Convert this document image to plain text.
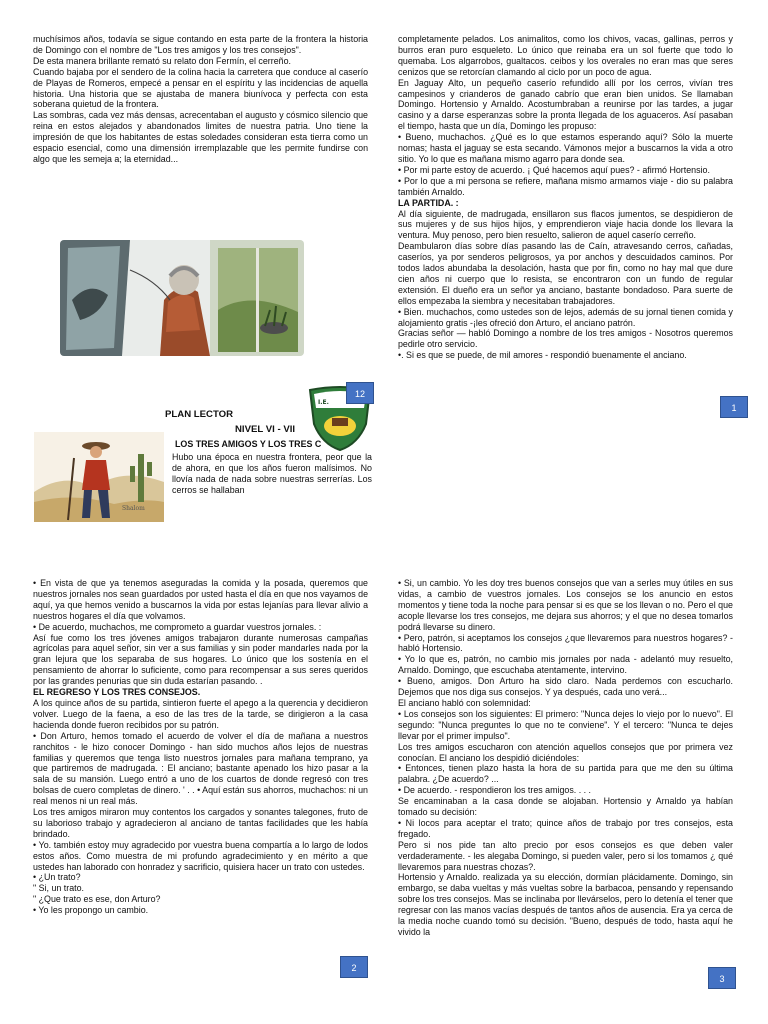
muchísimos años, todavía se sigue contando en esta parte de la frontera la historia de Domingo con el nombre de "Los tres amigos y los tres consejos".

De esta manera brillante remató su relato don Fermín, el cerreño.

Cuando bajaba por el sendero de la colina hacia la carretera que conduce al caserío de Playas de Romeros, empecé a pensar en el espíritu y las incidencias de aquella historia. Una historia que se ajustaba de manera biunívoca y perfecta con esta soberana quietud de la frontera.

Las sombras, cada vez más densas, acrecentaban el augusto y cósmico silencio que reina en estos alejados y abandonados limites de nuestra patria. Uno tiene la impresión de que los habitantes de estas soledades consideran esta tierra como un espacio esencial, como una dimensión irremplazable que les permite fundirse con algo que les semeja a; la eternidad...

Shalom
PLAN LECTOR
NIVEL VI - VII
LOS TRES AMIGOS Y LOS TRES C
Hubo una época en nuestra frontera, peor que la de ahora, en que los años fueron malísimos. No llovía nada de nada sobre nuestras serrerías. Los cerros se hallaban
I.E.
12

completamente pelados. Los animalitos, como los chivos, vacas, gallinas, perros y burros eran puro esqueleto. Lo único que reinaba era un sol fuerte que todo lo quemaba. Los algarrobos, gualtacos. ceibos y los overales no eran mas que seres cenizos que se retorcían clamando al ciclo por un poco de agua.

En Jaguay Alto, un pequeño caserío refundido allí por los cerros, vivían tres campesinos y crianderos de ganado cabrío que eran bien unidos. Se llamaban Domingo. Hortensio y Arnaldo. Acostumbraban a reunirse por las tardes, a jugar casino y a darse esperanzas sobre la pronta llegada de los aguaceros. Así pasaban el tiempo, hasta que un día, Domingo les propuso:

• Bueno, muchachos. ¿Qué es lo que estamos esperando aquí? Sólo la muerte nomas; hasta el jaguay se esta secando. Vámonos mejor a buscarnos la vida a otro sitio. Yo lo que es mañana mismo agarro para donde sea.

• Por mi parte estoy de acuerdo. ¡ Qué hacemos aquí pues? - afirmó Hortensio.

• Por lo que a mi persona se refiere, mañana mismo armamos viaje - dio su palabra también Arnaldo.

LA PARTIDA. :

Al día siguiente, de madrugada, ensillaron sus flacos jumentos, se despidieron de sus mujeres y de sus hijos hijos, y emprendieron viaje hacia donde los llevara la ventura. Muy penoso, pero bien resuelto, salieron de aquel caserío cerreño.

Deambularon días sobre días pasando las de Caín, atravesando cerros, cañadas, caseríos, ya por senderos peligrosos, ya por anchos y descuidados caminos. Por todos lados abundaba la desolación, hasta que por fin, como no hay mal que dure cien años ni cuerpo que lo resista, se encontraron con un fundo de regular extensión. El dueño era un señor ya anciano, bastante bondadoso. Para suerte de ellos empezaba la siembra y necesitaban trabajadores.

• Bien. muchachos, como ustedes son de lejos, además de su jornal tienen comida y alojamiento gratis -¡les ofreció don Arturo, el anciano patrón.

Gracias señor — habló Domingo a nombre de los tres amigos - Nosotros queremos pedirle otro servicio.

•. Si es que se puede, de mil amores - respondió buenamente el anciano.

1

• En vista de que ya tenemos aseguradas la comida y la posada, queremos que nuestros jornales nos sean guardados por usted hasta el día en que nos vayamos de aquí, ya que hemos venido a buscarnos la vida por estas lejanías para llevar alivio a nuestros hogares el día que volvamos.

• De acuerdo, muchachos, me comprometo a guardar vuestros jornales. :

Así fue como los tres jóvenes amigos trabajaron durante numerosas campañas agrícolas para aquel señor, sin ver a sus familias y sin poder mandarles nada por la gran lejura que los separaba de sus hogares. Lo único que los sostenía en el pensamiento de ahorrar lo suficiente, como para recompensar a sus seres queridos por las grandes penurias que sin duda estarían pasando. .

EL REGRESO Y LOS TRES CONSEJOS.

A los quince años de su partida, sintieron fuerte el apego a la querencia y decidieron volver. Luego de la faena, a eso de las tres de la tarde, se dirigieron a la casa hacienda donde fueron recibidos por su patrón.

• Don Arturo, hemos tomado el acuerdo de volver el día de mañana a nuestros ranchitos - le hizo conocer Domingo - han sido muchos años lejos de nuestras familias y queremos que tenga listo nuestros jornales para mañana temprano, ya que partiremos de madrugada. : El anciano; bastante apenado los hizo pasar a la sala de su mansión. Luego entró a uno de los cuartos de donde regresó con tres bolsas de cuero completas de dinero. ' . . • Aquí están sus ahorros, muchachos: ni un real menos ni un real más.

Los tres amigos miraron muy contentos los cargados y sonantes talegones, fruto de su laborioso trabajo y agradecieron al anciano de tantas facilidades que les había brindado.

• Yo. también estoy muy agradecido por vuestra buena compartía a lo largo de lodos estos años. Como muestra de mi profundo agradecimiento y en mérito a que ustedes han laborado con honradez y sacrificio, quisiera hacer un trato con ustedes.

• ¿Un trato?

" Si, un trato.

" ¿Que trato es ese, don Arturo?

• Yo les propongo un cambio.

2

• Si, un cambio. Yo les doy tres buenos consejos que van a serles muy útiles en sus vidas, a cambio de vuestros jornales. Los consejos se los anuncio en estos momentos y tiene toda la noche para pensar si es que se los llevan o no. Pero el que acople llevarse los tres consejos, me dejara sus ahorros; y el que no desea tomarlos podrá llevarse su dinero.

• Pero, patrón, si aceptamos los consejos ¿que llevaremos para nuestros hogares? - habló Hortensio.

• Yo lo que es, patrón, no cambio mis jornales por nada - adelantó muy resuelto, Arnaldo. Domingo, que escuchaba atentamente, intervino.

• Bueno, amigos. Don Arturo ha sido claro. Nada perdemos con escucharlo. Dejemos que nos diga sus consejos. Y ya después, cada uno verá...

El anciano habló con solemnidad:

• Los consejos son los siguientes: El primero: "Nunca dejes lo viejo por lo nuevo". El segundo: "Nunca preguntes lo que no te conviene". Y el tercero: "Nunca te dejes llevar por el primer impulso".

Los tres amigos escucharon con atención aquellos consejos que por primera vez conocían. El anciano los despidió diciéndoles:

• Entonces, tienen plazo hasta la hora de su partida para que me den su última palabra. ¿De acuerdo? ...

• De acuerdo. - respondieron los tres amigos. . . .

Se encaminaban a la casa donde se alojaban. Hortensio y Arnaldo ya habían tomado su decisión:

• Ni locos para aceptar el trato; quince años de trabajo por tres consejos, esta fregado.

Pero si nos pide tan alto precio por esos consejos es que deben valer verdaderamente. - les alegaba Domingo, si pueden valer, pero si los tomamos ¿ qué llevaremos para nuestras chozas?.

Hortensio y Arnaldo. realizada ya su elección, dormían plácidamente. Domingo, sin embargo, se daba vueltas y más vueltas sobre la barbacoa, pensando y repensando sobre los tres consejos. Mas se inclinaba por llevárselos, pero lo detenía el tener que regresar con las manos vacías después de tantos años de ausencia. Era ya cerca de la media noche cuando tomó su decisión. "Bueno, después de todo, hasta aquí he vivido la

3
